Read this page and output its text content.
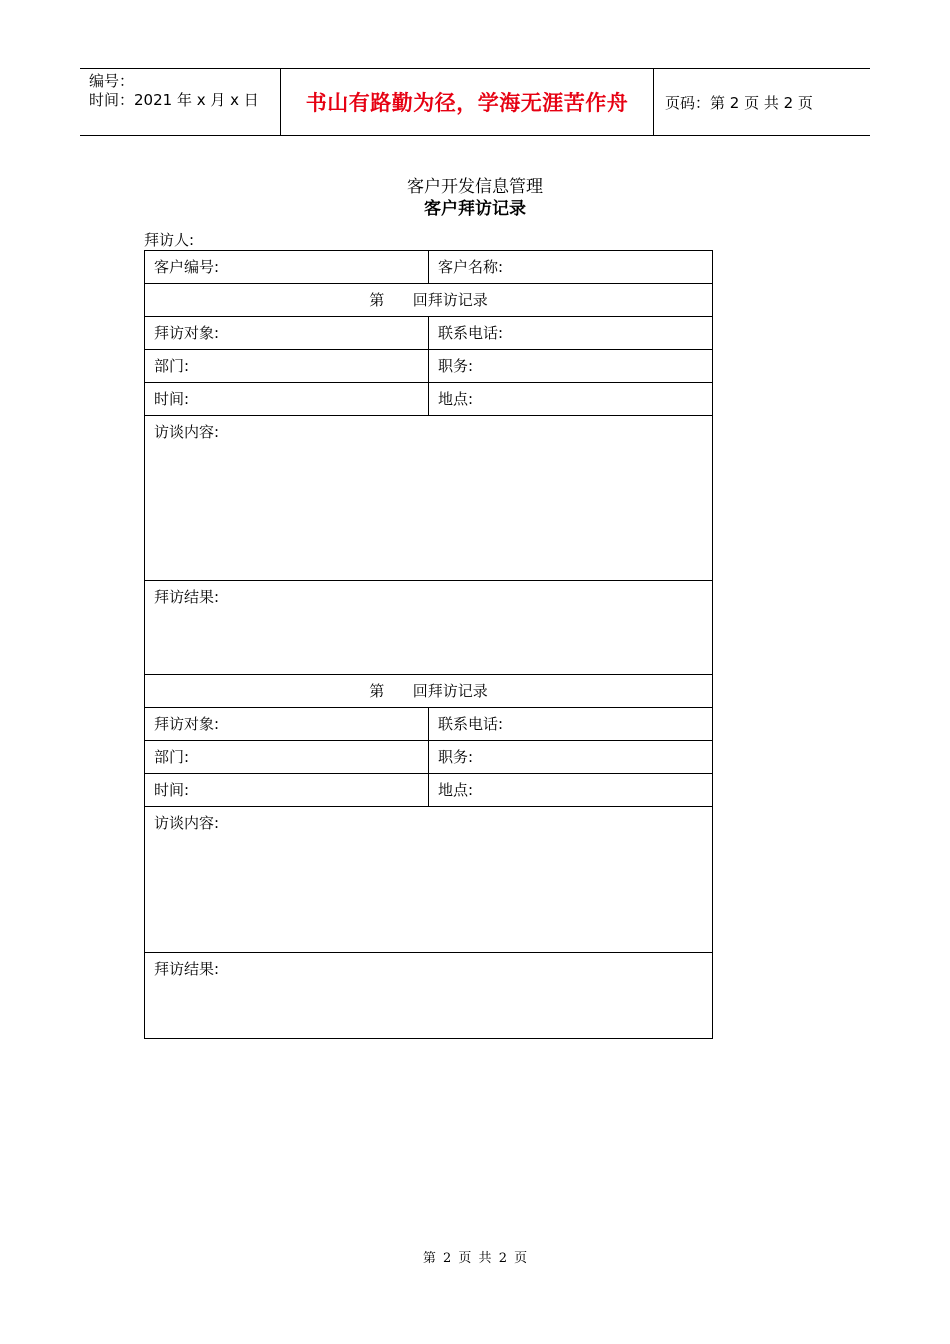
编号：
时间：2021 年 x 月 x 日	书山有路勤为径，学海无涯苦作舟	页码：第 2 页 共 2 页
客户开发信息管理
客户拜访记录
拜访人:
客户编号:	客户名称:
第      回拜访记录
拜访对象:	联系电话:
部门:	职务:
时间:	地点:
访谈内容:
拜访结果:
第      回拜访记录
拜访对象:	联系电话:
部门:	职务:
时间:	地点:
访谈内容:
拜访结果:
第 2 页 共 2 页
